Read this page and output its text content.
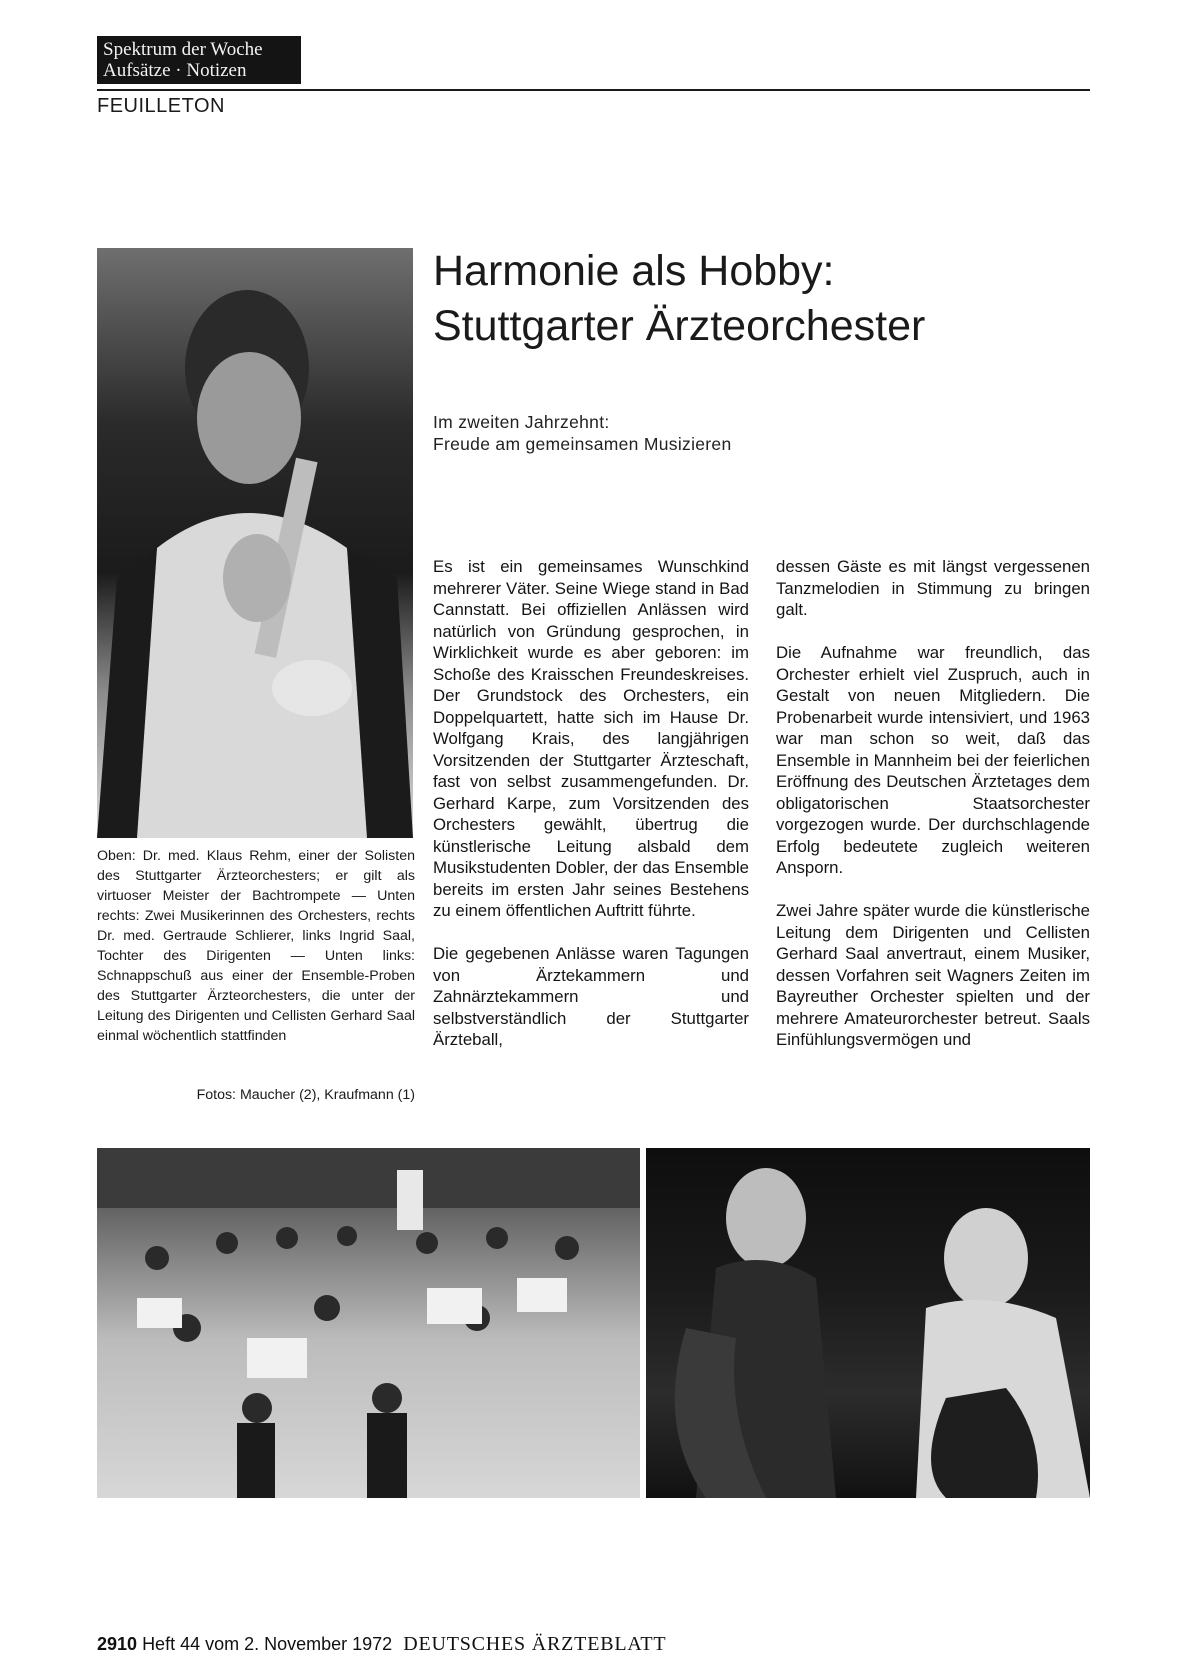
Spektrum der Woche
Aufsätze · Notizen
FEUILLETON
Harmonie als Hobby:
Stuttgarter Ärzteorchester
Im zweiten Jahrzehnt:
Freude am gemeinsamen Musizieren
Oben: Dr. med. Klaus Rehm, einer der Solisten des Stuttgarter Ärzteorchesters; er gilt als virtuoser Meister der Bachtrompete — Unten rechts: Zwei Musikerinnen des Orchesters, rechts Dr. med. Gertraude Schlierer, links Ingrid Saal, Tochter des Dirigenten — Unten links: Schnappschuß aus einer der Ensemble-Proben des Stuttgarter Ärzteorchesters, die unter der Leitung des Dirigenten und Cellisten Gerhard Saal einmal wöchentlich stattfinden
Fotos: Maucher (2), Kraufmann (1)

Es ist ein gemeinsames Wunschkind mehrerer Väter. Seine Wiege stand in Bad Cannstatt. Bei offiziellen Anlässen wird natürlich von Gründung gesprochen, in Wirklichkeit wurde es aber geboren: im Schoße des Kraisschen Freundeskreises. Der Grundstock des Orchesters, ein Doppelquartett, hatte sich im Hause Dr. Wolfgang Krais, des langjährigen Vorsitzenden der Stuttgarter Ärzteschaft, fast von selbst zusammengefunden. Dr. Gerhard Karpe, zum Vorsitzenden des Orchesters gewählt, übertrug die künstlerische Leitung alsbald dem Musikstudenten Dobler, der das Ensemble bereits im ersten Jahr seines Bestehens zu einem öffentlichen Auftritt führte.

Die gegebenen Anlässe waren Tagungen von Ärztekammern und Zahnärztekammern und selbstverständlich der Stuttgarter Ärzteball,

dessen Gäste es mit längst vergessenen Tanzmelodien in Stimmung zu bringen galt.

Die Aufnahme war freundlich, das Orchester erhielt viel Zuspruch, auch in Gestalt von neuen Mitgliedern. Die Probenarbeit wurde intensiviert, und 1963 war man schon so weit, daß das Ensemble in Mannheim bei der feierlichen Eröffnung des Deutschen Ärztetages dem obligatorischen Staatsorchester vorgezogen wurde. Der durchschlagende Erfolg bedeutete zugleich weiteren Ansporn.

Zwei Jahre später wurde die künstlerische Leitung dem Dirigenten und Cellisten Gerhard Saal anvertraut, einem Musiker, dessen Vorfahren seit Wagners Zeiten im Bayreuther Orchester spielten und der mehrere Amateurorchester betreut. Saals Einfühlungsvermögen und

2910 Heft 44 vom 2. November 1972 DEUTSCHES ÄRZTEBLATT
